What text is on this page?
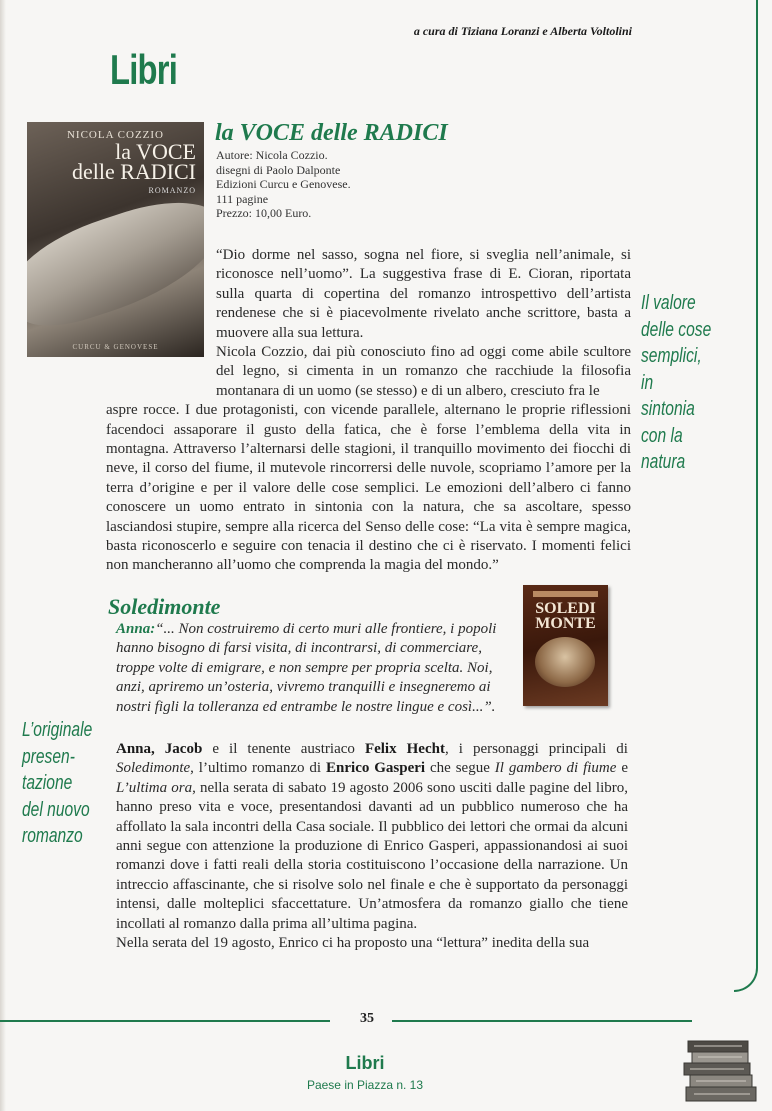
a cura di Tiziana Loranzi e Alberta Voltolini
Libri
NICOLA COZZIO
la VOCE
delle RADICI
ROMANZO
CURCU & GENOVESE
la VOCE delle RADICI
Autore: Nicola Cozzio.
disegni di Paolo Dalponte
Edizioni Curcu e Genovese.
111 pagine
Prezzo: 10,00 Euro.
“Dio dorme nel sasso, sogna nel fiore, si sveglia nell’animale, si riconosce nell’uomo”. La suggestiva frase di E. Cioran, riportata sulla quarta di copertina del romanzo introspettivo dell’artista rendenese che si è piacevolmente rivelato anche scrittore, basta a muovere alla sua lettura.
Nicola Cozzio, dai più conosciuto fino ad oggi come abile scultore del legno, si cimenta in un romanzo che racchiude la filosofia montanara di un uomo (se stesso) e di un albero, cresciuto fra le
aspre rocce. I due protagonisti, con vicende parallele, alternano le proprie riflessioni facendoci assaporare il gusto della fatica, che è forse l’emblema della vita in montagna. Attraverso l’alternarsi delle stagioni, il tranquillo movimento dei fiocchi di neve, il corso del fiume, il mutevole rincorrersi delle nuvole, scopriamo l’amore per la terra d’origine e per il valore delle cose semplici. Le emozioni dell’albero ci fanno conoscere un uomo entrato in sintonia con la natura, che sa ascoltare, spesso lasciandosi stupire, sempre alla ricerca del Senso delle cose: “La vita è sempre magica, basta riconoscerlo e seguire con tenacia il destino che ci è riservato. I momenti felici non mancheranno all’uomo che comprenda la magia del mondo.”
Il valore
delle cose
semplici,
in
sintonia
con la
natura
Soledimonte	SOLEDI
MONTE
Anna:“... Non costruiremo di certo muri alle frontiere, i popoli hanno bisogno di farsi visita, di incontrarsi, di commerciare, troppe volte di emigrare, e non sempre per propria scelta. Noi, anzi, apriremo un’osteria, vivremo tranquilli e insegneremo ai nostri figli la tolleranza ed entrambe le nostre lingue e così...”.
Anna, Jacob e il tenente austriaco Felix Hecht, i personaggi principali di Soledimonte, l’ultimo romanzo di Enrico Gasperi che segue Il gambero di fiume e L’ultima ora, nella serata di sabato 19 agosto 2006 sono usciti dalle pagine del libro, hanno preso vita e voce, presentandosi davanti ad un pubblico numeroso che ha affollato la sala incontri della Casa sociale. Il pubblico dei lettori che ormai da alcuni anni segue con attenzione la produzione di Enrico Gasperi, appassionandosi ai suoi romanzi dove i fatti reali della storia costituiscono l’occasione della narrazione. Un intreccio affascinante, che si risolve solo nel finale e che è supportato da personaggi intensi, dalle molteplici sfaccettature. Un’atmosfera da romanzo giallo che tiene incollati al romanzo dalla prima all’ultima pagina.
Nella serata del 19 agosto, Enrico ci ha proposto una “lettura” inedita della sua
L’originale
presen-
tazione
del nuovo
romanzo
35
Libri
Paese in Piazza n. 13
